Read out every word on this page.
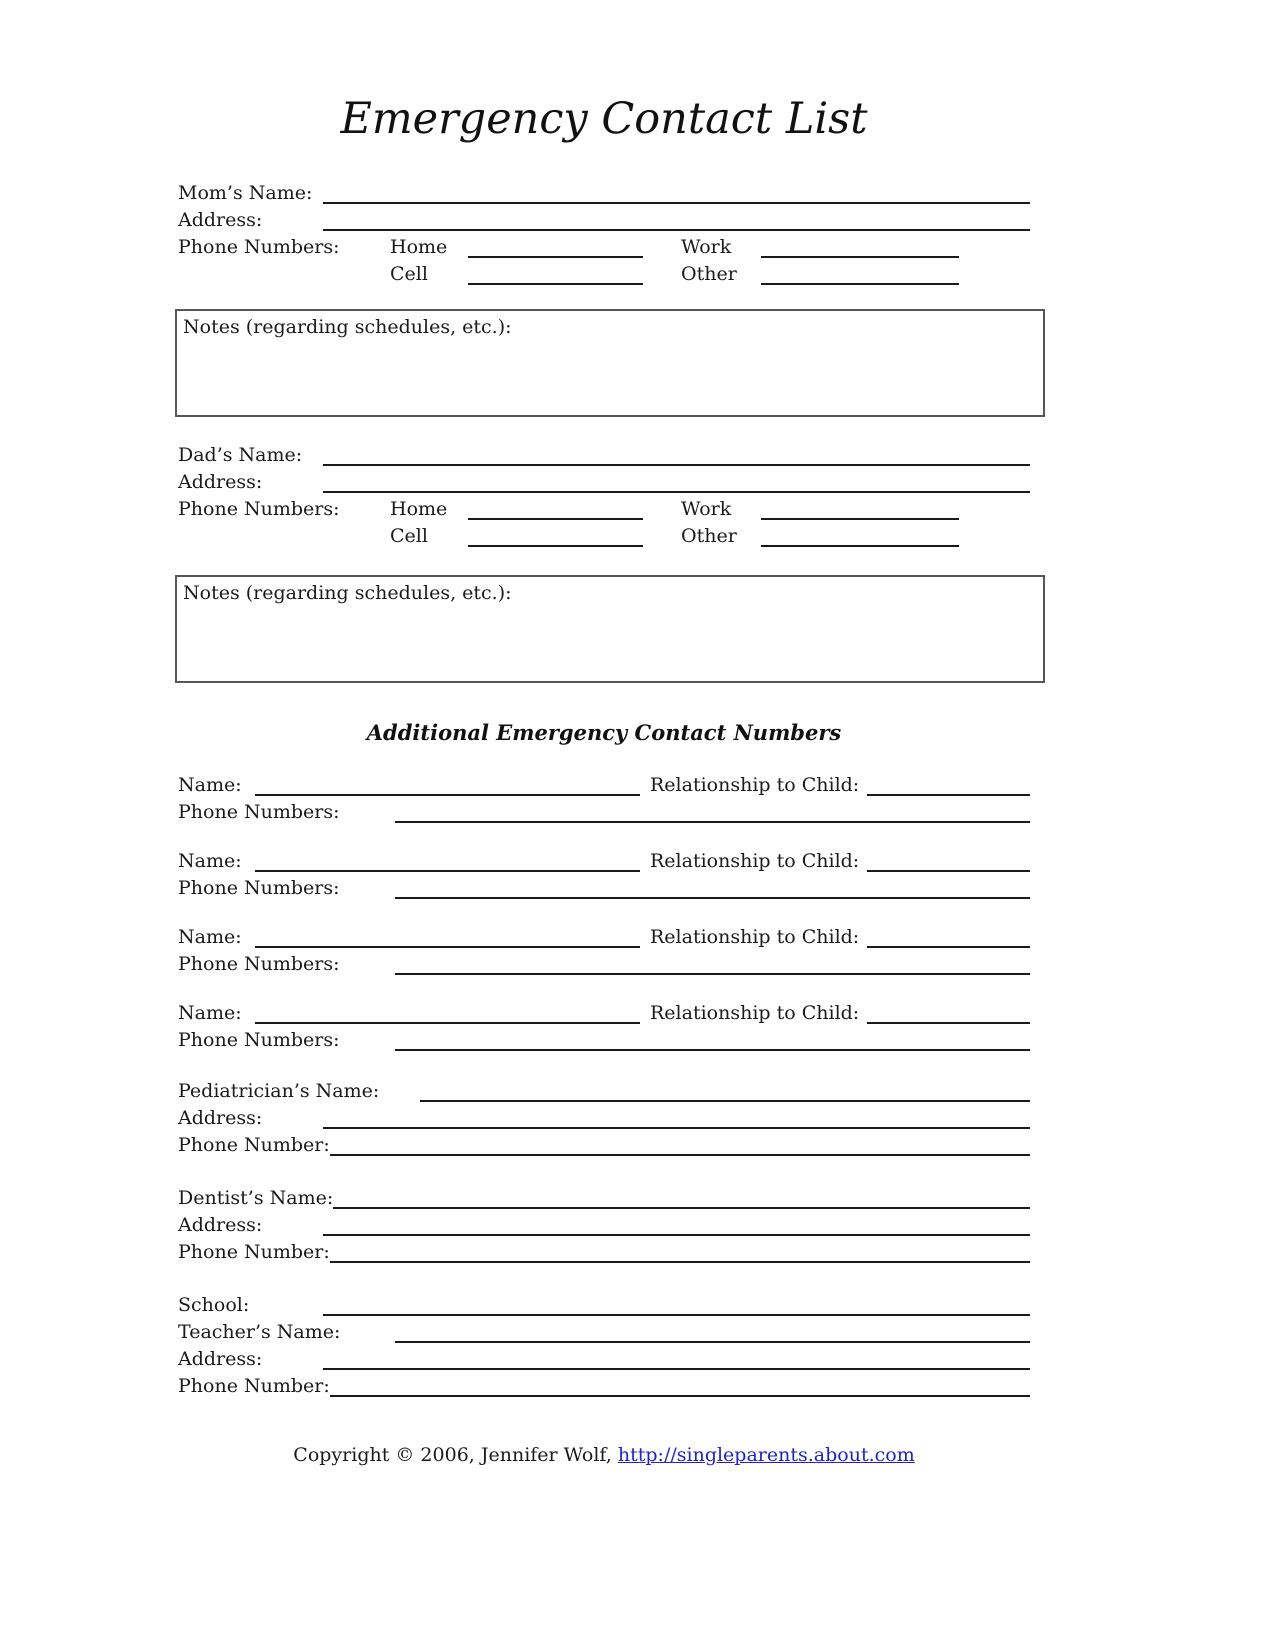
Emergency Contact List
Mom’s Name:
Address:
Phone Numbers:	Home	Work
Cell	Other
Notes (regarding schedules, etc.):
Dad’s Name:
Address:
Phone Numbers:	Home	Work
Cell	Other
Notes (regarding schedules, etc.):
Additional Emergency Contact Numbers
Name:	Relationship to Child:
Phone Numbers:
Name:	Relationship to Child:
Phone Numbers:
Name:	Relationship to Child:
Phone Numbers:
Name:	Relationship to Child:
Phone Numbers:
Pediatrician’s Name:
Address:
Phone Number:
Dentist’s Name:
Address:
Phone Number:
School:
Teacher’s Name:
Address:
Phone Number:
Copyright © 2006, Jennifer Wolf, http://singleparents.about.com
